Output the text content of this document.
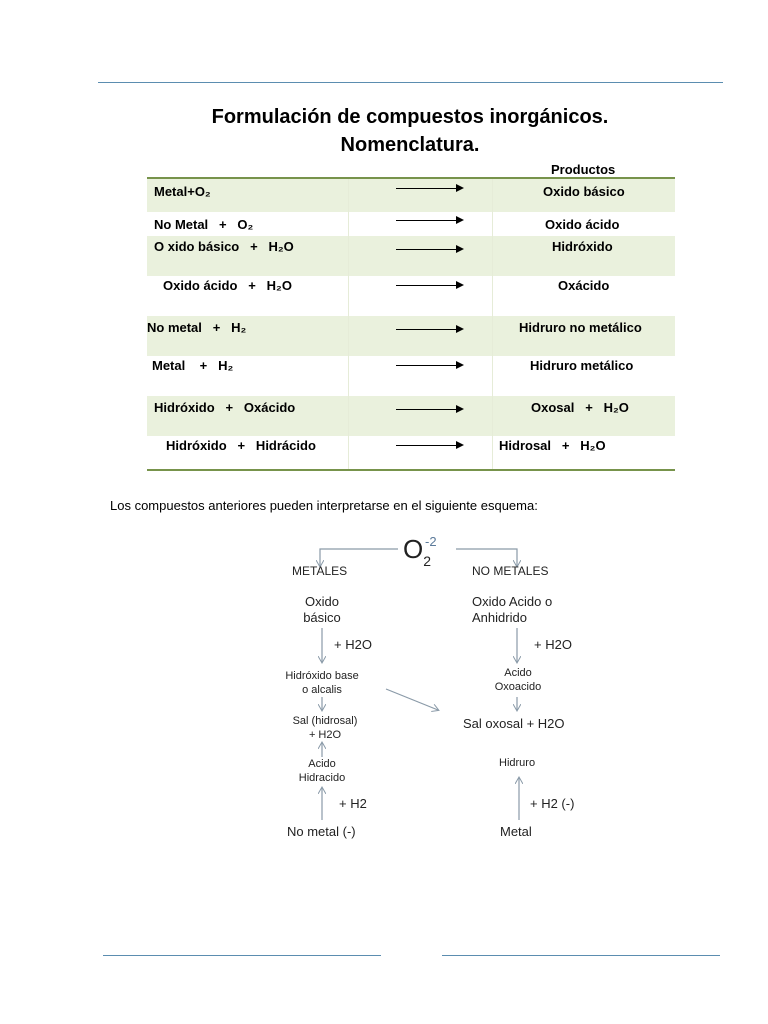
Formulación de compuestos inorgánicos.
Nomenclatura.
Productos
Metal+O₂	Oxido básico
No Metal   +   O₂	Oxido ácido
O xido básico   +   H₂O	Hidróxido
Oxido ácido   +   H₂O	Oxácido
No metal   +   H₂	Hidruro no metálico
Metal    +   H₂	Hidruro metálico
Hidróxido   +   Oxácido	Oxosal   +   H₂O
Hidróxido   +   Hidrácido	Hidrosal   +   H₂O

Los compuestos anteriores pueden interpretarse en el siguiente esquema:

$O_2^{-2}$
METALES	NO METALES
Oxido
básico
Oxido Acido o
Anhidrido
+ H2O	+ H2O
Hidróxido base
o alcalis
Acido
Oxoacido
Sal (hidrosal)
+ H2O
Sal oxosal + H2O
Acido
Hidracido
Hidruro
+ H2	+ H2 (-)
No metal (-)	Metal
